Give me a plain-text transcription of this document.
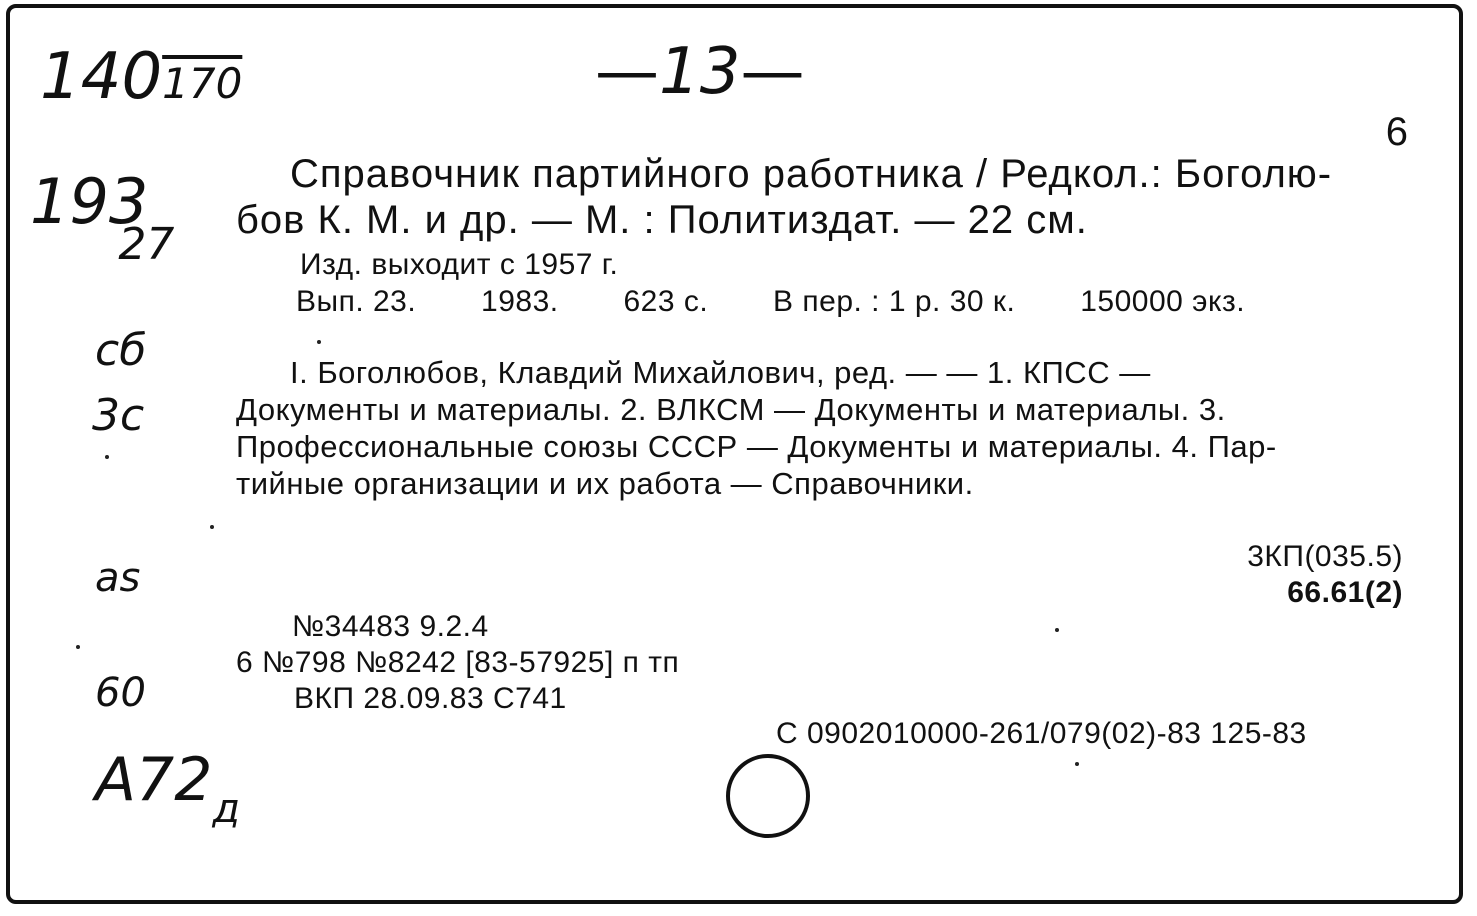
140170
$193_{27}$
сб
3с
as
60
$А72_д$
—13—
6
Справочник партийного работника / Редкол.: Боголю-
бов К. М. и др. — М. : Политиздат. — 22 см.
Изд. выходит с 1957 г.
Вып. 23. 1983. 623 с. В пер. : 1 р. 30 к. 150000 экз.
I. Боголюбов, Клавдий Михайлович, ред. — — 1. КПСС —
Документы и материалы. 2. ВЛКСМ — Документы и материалы. 3.
Профессиональные союзы СССР — Документы и материалы. 4. Пар-
тийные организации и их работа — Справочники.
3КП(035.5)
66.61(2)
№34483 9.2.4
6 №798 №8242 [83-57925] п тп
ВКП 28.09.83 С741
С 0902010000-261/079(02)-83 125-83
